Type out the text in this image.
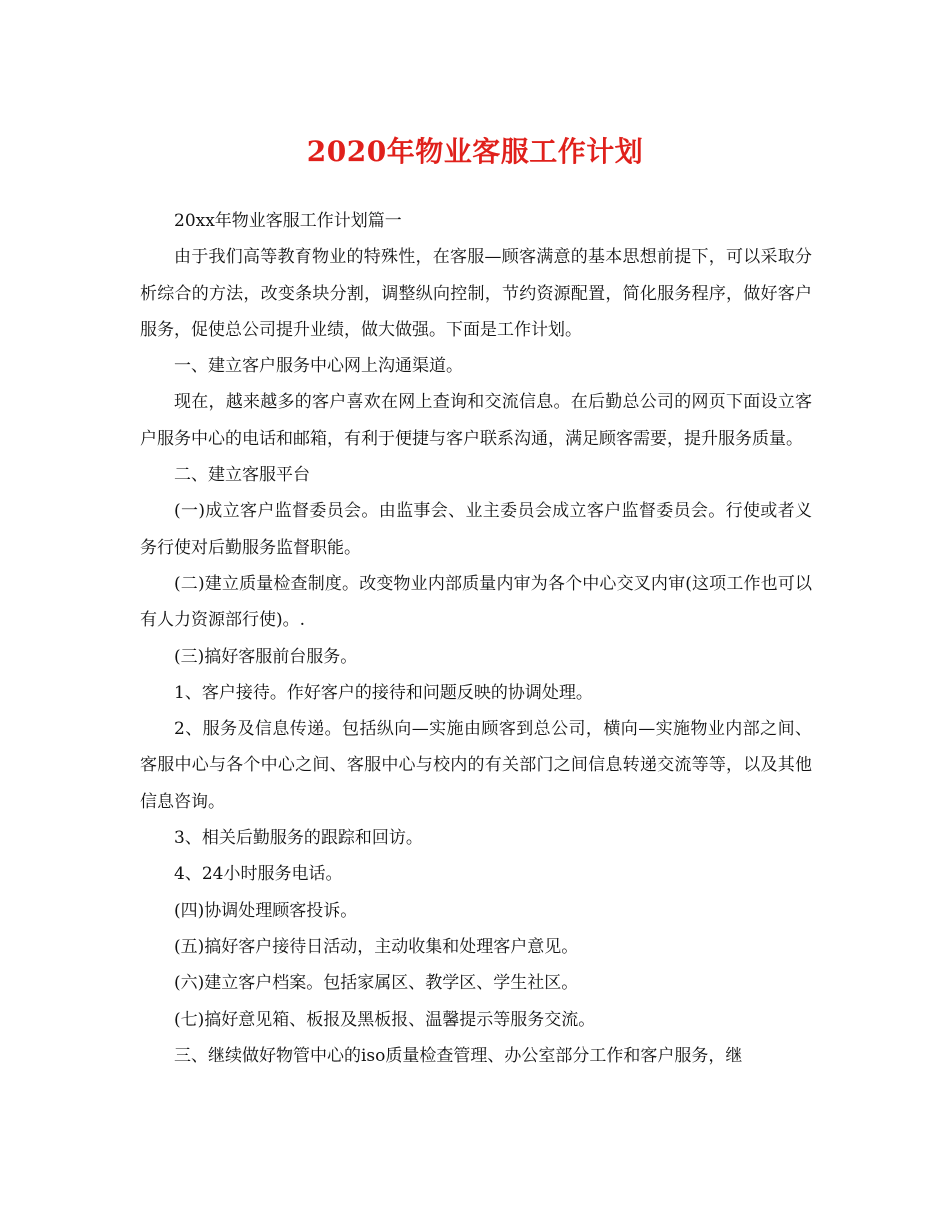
2020年物业客服工作计划

20xx年物业客服工作计划篇一

由于我们高等教育物业的特殊性，在客服—顾客满意的基本思想前提下，可以采取分析综合的方法，改变条块分割，调整纵向控制，节约资源配置，简化服务程序，做好客户服务，促使总公司提升业绩，做大做强。下面是工作计划。

一、建立客户服务中心网上沟通渠道。

现在，越来越多的客户喜欢在网上查询和交流信息。在后勤总公司的网页下面设立客户服务中心的电话和邮箱，有利于便捷与客户联系沟通，满足顾客需要，提升服务质量。

二、建立客服平台

(一)成立客户监督委员会。由监事会、业主委员会成立客户监督委员会。行使或者义务行使对后勤服务监督职能。

(二)建立质量检查制度。改变物业内部质量内审为各个中心交叉内审(这项工作也可以有人力资源部行使)。.

(三)搞好客服前台服务。

1、客户接待。作好客户的接待和问题反映的协调处理。

2、服务及信息传递。包括纵向—实施由顾客到总公司，横向—实施物业内部之间、客服中心与各个中心之间、客服中心与校内的有关部门之间信息转递交流等等，以及其他信息咨询。

3、相关后勤服务的跟踪和回访。

4、24小时服务电话。

(四)协调处理顾客投诉。

(五)搞好客户接待日活动，主动收集和处理客户意见。

(六)建立客户档案。包括家属区、教学区、学生社区。

(七)搞好意见箱、板报及黑板报、温馨提示等服务交流。

三、继续做好物管中心的iso质量检查管理、办公室部分工作和客户服务，继
